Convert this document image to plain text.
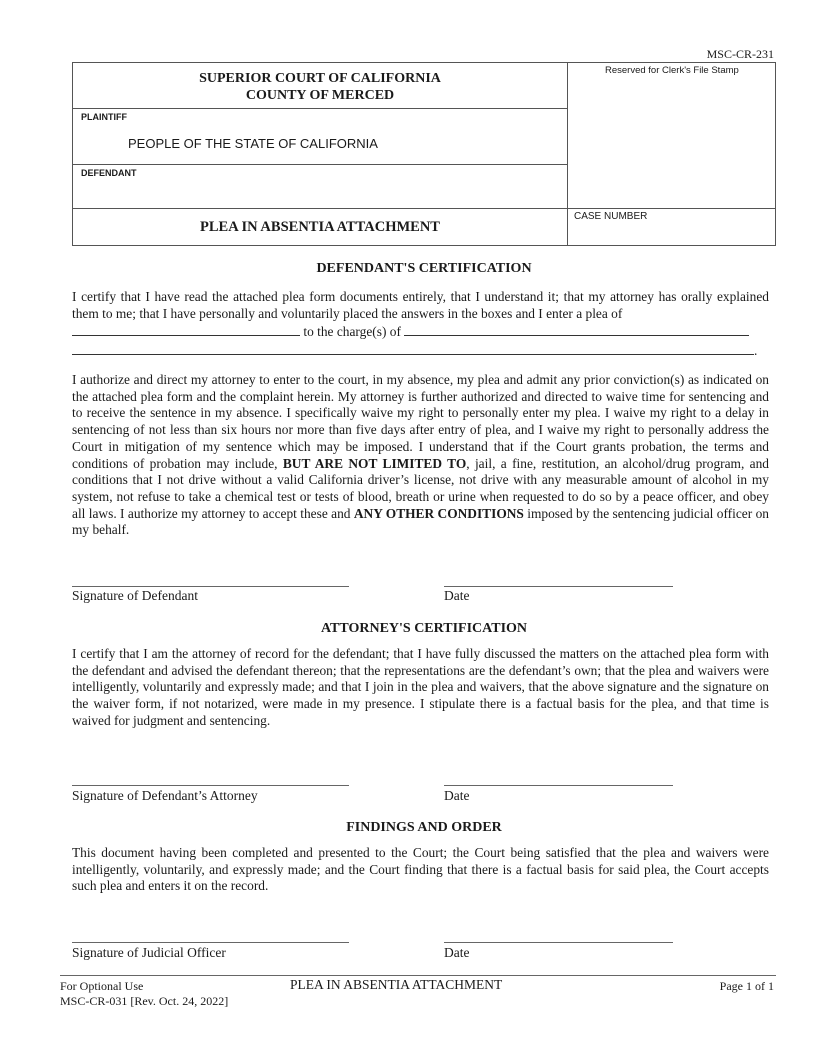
MSC-CR-231
SUPERIOR COURT OF CALIFORNIA
COUNTY OF MERCED
Reserved for Clerk's File Stamp
PLAINTIFF
PEOPLE OF THE STATE OF CALIFORNIA
DEFENDANT
PLEA IN ABSENTIA ATTACHMENT
CASE NUMBER
DEFENDANT'S CERTIFICATION

I certify that I have read the attached plea form documents entirely, that I understand it; that my attorney has orally explained them to me; that I have personally and voluntarily placed the answers in the boxes and I enter a plea of

to the charge(s) of
.

I authorize and direct my attorney to enter to the court, in my absence, my plea and admit any prior conviction(s) as indicated on the attached plea form and the complaint herein. My attorney is further authorized and directed to waive time for sentencing and to receive the sentence in my absence. I specifically waive my right to personally enter my plea. I waive my right to a delay in sentencing of not less than six hours nor more than five days after entry of plea, and I waive my right to personally address the Court in mitigation of my sentence which may be imposed. I understand that if the Court grants probation, the terms and conditions of probation may include, BUT ARE NOT LIMITED TO, jail, a fine, restitution, an alcohol/drug program, and conditions that I not drive without a valid California driver’s license, not drive with any measurable amount of alcohol in my system, not refuse to take a chemical test or tests of blood, breath or urine when requested to do so by a peace officer, and obey all laws. I authorize my attorney to accept these and ANY OTHER CONDITIONS imposed by the sentencing judicial officer on my behalf.

Signature of Defendant	Date
ATTORNEY'S CERTIFICATION

I certify that I am the attorney of record for the defendant; that I have fully discussed the matters on the attached plea form with the defendant and advised the defendant thereon; that the representations are the defendant’s own; that the plea and waivers were intelligently, voluntarily and expressly made; and that I join in the plea and waivers, that the above signature and the signature on the waiver form, if not notarized, were made in my presence. I stipulate there is a factual basis for the plea, and that time is waived for judgment and sentencing.

Signature of Defendant’s Attorney	Date
FINDINGS AND ORDER

This document having been completed and presented to the Court; the Court being satisfied that the plea and waivers were intelligently, voluntarily, and expressly made; and the Court finding that there is a factual basis for said plea, the Court accepts such plea and enters it on the record.

Signature of Judicial Officer	Date
For Optional Use
MSC-CR-031 [Rev. Oct. 24, 2022]
PLEA IN ABSENTIA ATTACHMENT	Page 1 of 1
